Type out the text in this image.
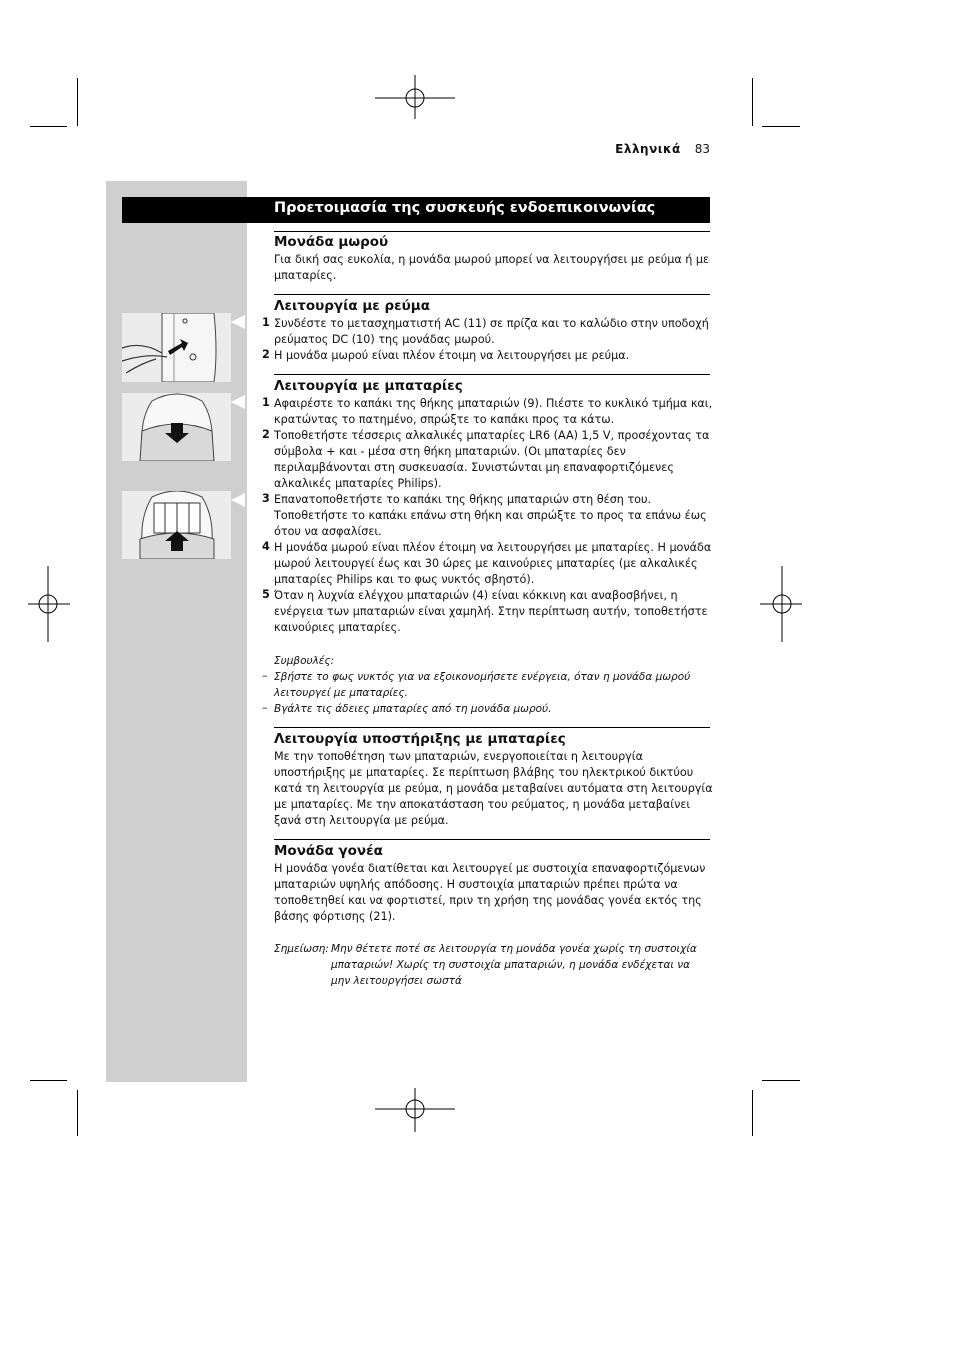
Ελληνικά 83
Προετοιμασία της συσκευής ενδοεπικοινωνίας
Μονάδα μωρού
Για δική σας ευκολία, η μονάδα μωρού μπορεί να λειτουργήσει με ρεύμα ή με μπαταρίες.
Λειτουργία με ρεύμα
1 Συνδέστε το μετασχηματιστή AC (11) σε πρίζα και το καλώδιο στην υποδοχή ρεύματος DC (10) της μονάδας μωρού.
2 Η μονάδα μωρού είναι πλέον έτοιμη να λειτουργήσει με ρεύμα.
Λειτουργία με μπαταρίες
1 Αφαιρέστε το καπάκι της θήκης μπαταριών (9). Πιέστε το κυκλικό τμήμα και, κρατώντας το πατημένο, σπρώξτε το καπάκι προς τα κάτω.
2 Τοποθετήστε τέσσερις αλκαλικές μπαταρίες LR6 (AA) 1,5 V, προσέχοντας τα σύμβολα + και - μέσα στη θήκη μπαταριών. (Οι μπαταρίες δεν περιλαμβάνονται στη συσκευασία. Συνιστώνται μη επαναφορτιζόμενες αλκαλικές μπαταρίες Philips).
3 Επανατοποθετήστε το καπάκι της θήκης μπαταριών στη θέση του. Τοποθετήστε το καπάκι επάνω στη θήκη και σπρώξτε το προς τα επάνω έως ότου να ασφαλίσει.
4 Η μονάδα μωρού είναι πλέον έτοιμη να λειτουργήσει με μπαταρίες. Η μονάδα μωρού λειτουργεί έως και 30 ώρες με καινούριες μπαταρίες (με αλκαλικές μπαταρίες Philips και το φως νυκτός σβηστό).
5 Όταν η λυχνία ελέγχου μπαταριών (4) είναι κόκκινη και αναβοσβήνει, η ενέργεια των μπαταριών είναι χαμηλή. Στην περίπτωση αυτήν, τοποθετήστε καινούριες μπαταρίες.
Συμβουλές:
– Σβήστε το φως νυκτός για να εξοικονομήσετε ενέργεια, όταν η μονάδα μωρού λειτουργεί με μπαταρίες.
– Βγάλτε τις άδειες μπαταρίες από τη μονάδα μωρού.
Λειτουργία υποστήριξης με μπαταρίες
Με την τοποθέτηση των μπαταριών, ενεργοποιείται η λειτουργία υποστήριξης με μπαταρίες. Σε περίπτωση βλάβης του ηλεκτρικού δικτύου κατά τη λειτουργία με ρεύμα, η μονάδα μεταβαίνει αυτόματα στη λειτουργία με μπαταρίες. Με την αποκατάσταση του ρεύματος, η μονάδα μεταβαίνει ξανά στη λειτουργία με ρεύμα.
Μονάδα γονέα
Η μονάδα γονέα διατίθεται και λειτουργεί με συστοιχία επαναφορτιζόμενων μπαταριών υψηλής απόδοσης. Η συστοιχία μπαταριών πρέπει πρώτα να τοποθετηθεί και να φορτιστεί, πριν τη χρήση της μονάδας γονέα εκτός της βάσης φόρτισης (21).
Σημείωση: Μην θέτετε ποτέ σε λειτουργία τη μονάδα γονέα χωρίς τη συστοιχία μπαταριών! Χωρίς τη συστοιχία μπαταριών, η μονάδα ενδέχεται να μην λειτουργήσει σωστά
